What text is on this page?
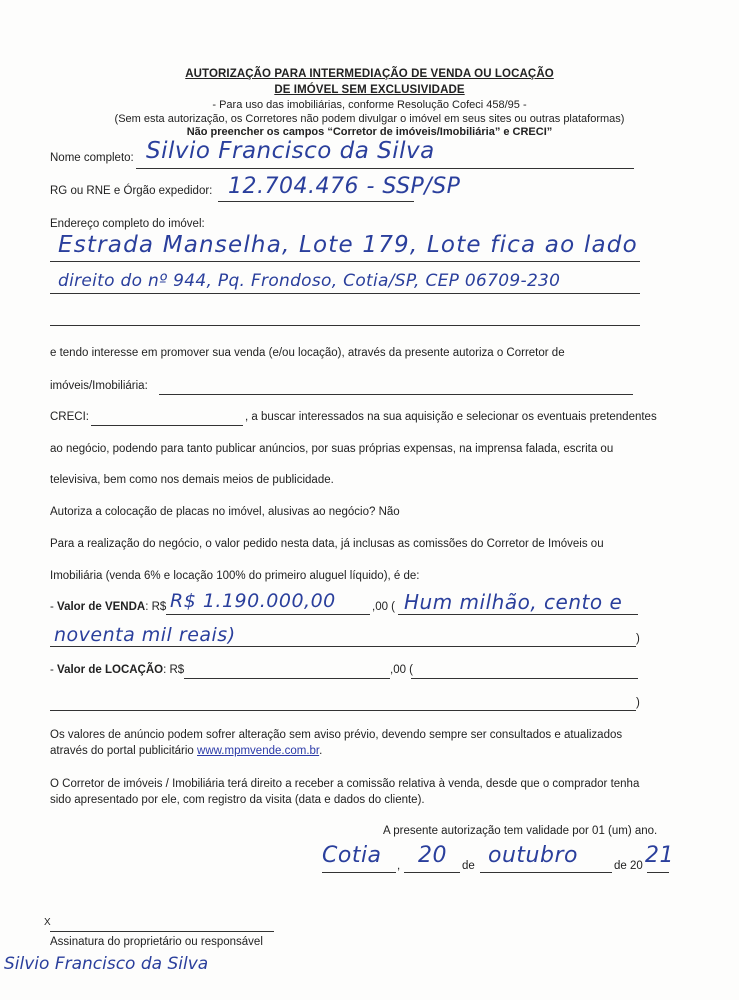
AUTORIZAÇÃO PARA INTERMEDIAÇÃO DE VENDA OU LOCAÇÃO
DE IMÓVEL SEM EXCLUSIVIDADE
- Para uso das imobiliárias, conforme Resolução Cofeci 458/95 -
(Sem esta autorização, os Corretores não podem divulgar o imóvel em seus sites ou outras plataformas)
Não preencher os campos “Corretor de imóveis/Imobiliária” e CRECI”
Nome completo: Silvio Francisco da Silva
RG ou RNE e Órgão expedidor: 12.704.476 - SSP/SP
Endereço completo do imóvel:
Estrada Manselha, Lote 179, Lote fica ao lado
direito do nº 944, Pq. Frondoso, Cotia/SP, CEP 06709-230
e tendo interesse em promover sua venda (e/ou locação), através da presente autoriza o Corretor de
imóveis/Imobiliária:
CRECI:	, a buscar interessados na sua aquisição e selecionar os eventuais pretendentes
ao negócio, podendo para tanto publicar anúncios, por suas próprias expensas, na imprensa falada, escrita ou
televisiva, bem como nos demais meios de publicidade.
Autoriza a colocação de placas no imóvel, alusivas ao negócio? Não
Para a realização do negócio, o valor pedido nesta data, já inclusas as comissões do Corretor de Imóveis ou
Imobiliária (venda 6% e locação 100% do primeiro aluguel líquido), é de:
- Valor de VENDA: R$ R$ 1.190.000,00	,00 ( Hum milhão, cento e
noventa mil reais)	)
- Valor de LOCAÇÃO: R$	,00 (
)
Os valores de anúncio podem sofrer alteração sem aviso prévio, devendo sempre ser consultados e atualizados
através do portal publicitário www.mpmvende.com.br.
O Corretor de imóveis / Imobiliária terá direito a receber a comissão relativa à venda, desde que o comprador tenha
sido apresentado por ele, com registro da visita (data e dados do cliente).
A presente autorização tem validade por 01 (um) ano.
Cotia , 20 de outubro	de 20 21
X
Assinatura do proprietário ou responsável
Silvio Francisco da Silva
